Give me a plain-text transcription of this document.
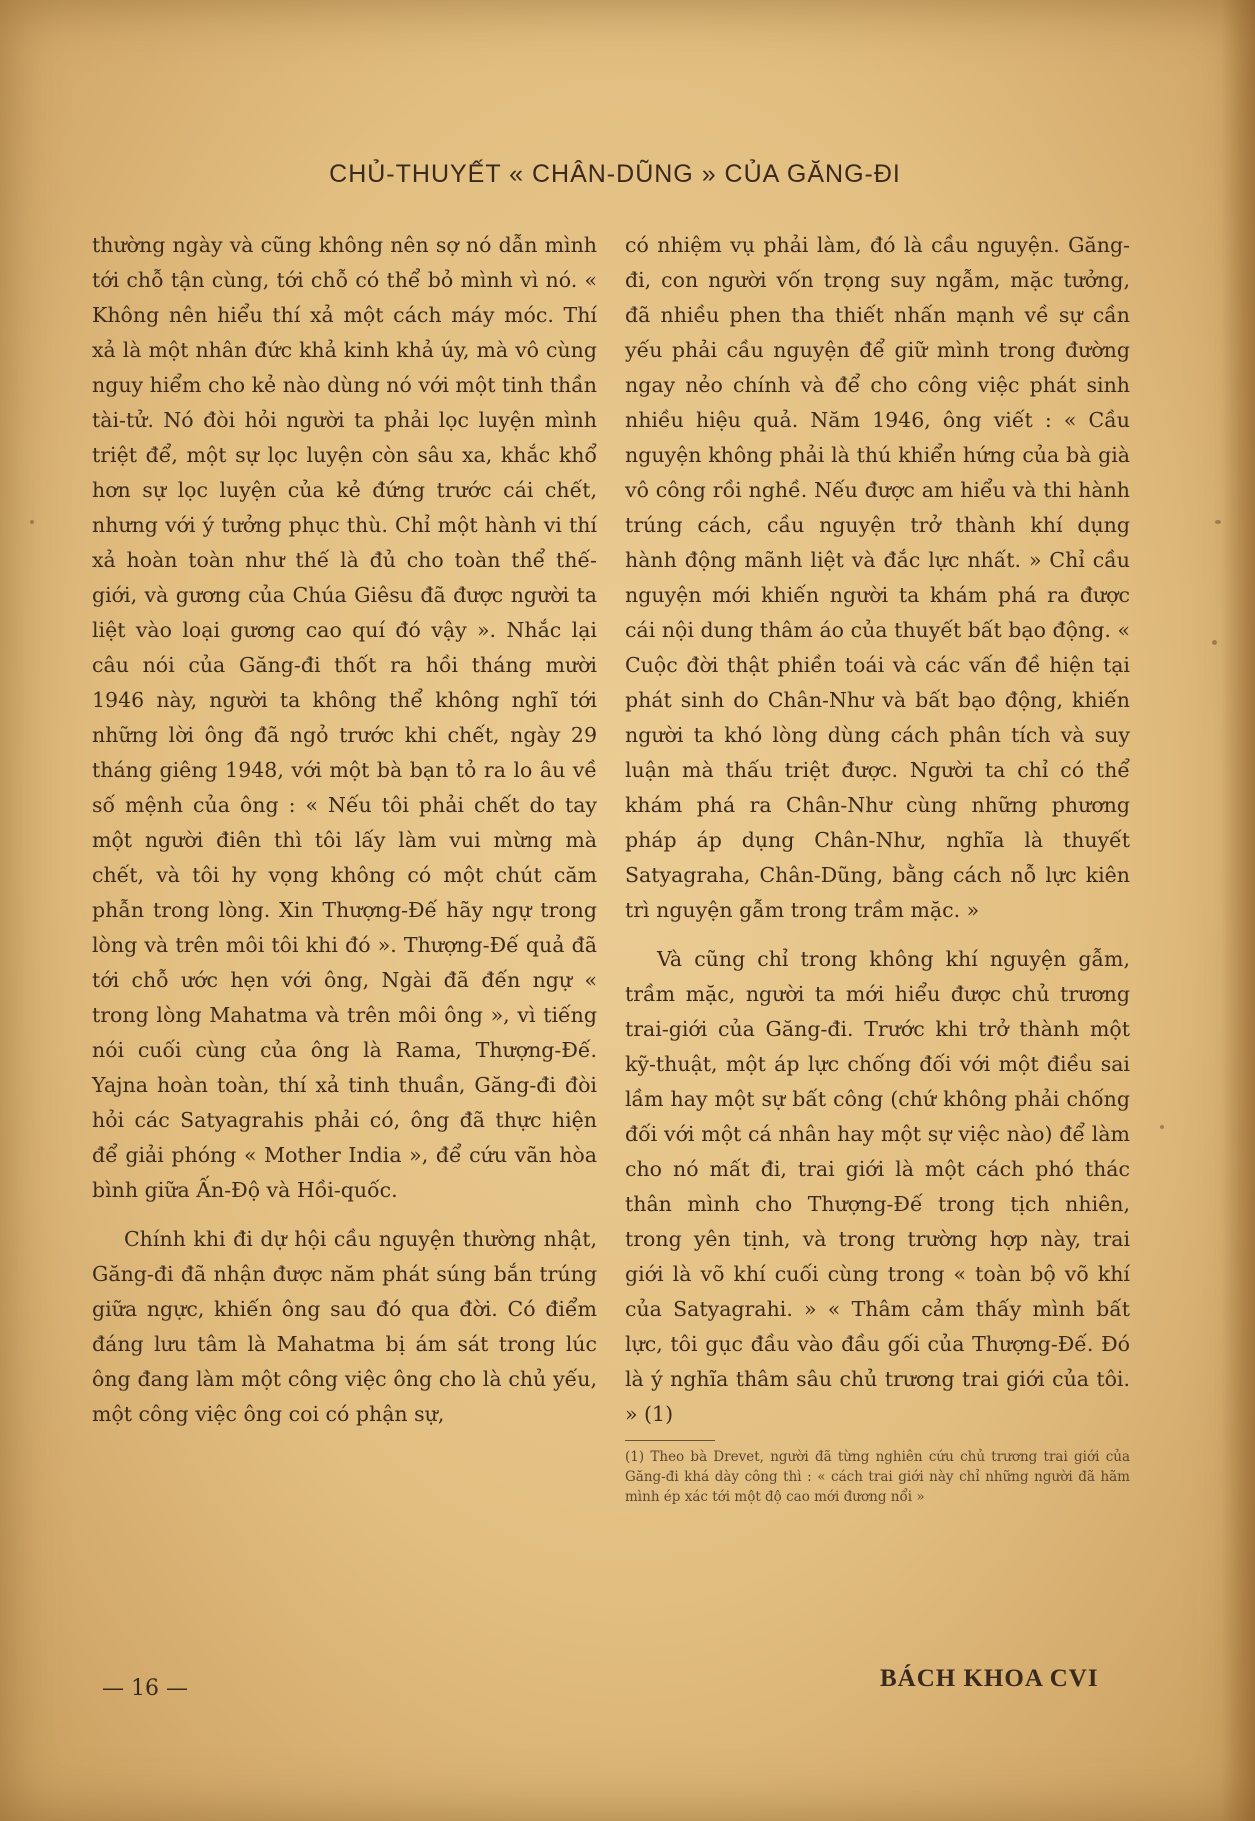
CHỦ-THUYẾT « CHÂN-DŨNG » CỦA GĂNG-ĐI

thường ngày và cũng không nên sợ nó dẫn mình tới chỗ tận cùng, tới chỗ có thể bỏ mình vì nó. « Không nên hiểu thí xả một cách máy móc. Thí xả là một nhân đức khả kinh khả úy, mà vô cùng nguy hiểm cho kẻ nào dùng nó với một tinh thần tài-tử. Nó đòi hỏi người ta phải lọc luyện mình triệt để, một sự lọc luyện còn sâu xa, khắc khổ hơn sự lọc luyện của kẻ đứng trước cái chết, nhưng với ý tưởng phục thù. Chỉ một hành vi thí xả hoàn toàn như thế là đủ cho toàn thể thế-giới, và gương của Chúa Giêsu đã được người ta liệt vào loại gương cao quí đó vậy ». Nhắc lại câu nói của Găng-đi thốt ra hồi tháng mười 1946 này, người ta không thể không nghĩ tới những lời ông đã ngỏ trước khi chết, ngày 29 tháng giêng 1948, với một bà bạn tỏ ra lo âu về số mệnh của ông : « Nếu tôi phải chết do tay một người điên thì tôi lấy làm vui mừng mà chết, và tôi hy vọng không có một chút căm phẫn trong lòng. Xin Thượng-Đế hãy ngự trong lòng và trên môi tôi khi đó ». Thượng-Đế quả đã tới chỗ ước hẹn với ông, Ngài đã đến ngự « trong lòng Mahatma và trên môi ông », vì tiếng nói cuối cùng của ông là Rama, Thượng-Đế. Yajna hoàn toàn, thí xả tinh thuần, Găng-đi đòi hỏi các Satyagrahis phải có, ông đã thực hiện để giải phóng « Mother India », để cứu vãn hòa bình giữa Ấn-Độ và Hồi-quốc.

Chính khi đi dự hội cầu nguyện thường nhật, Găng-đi đã nhận được năm phát súng bắn trúng giữa ngực, khiến ông sau đó qua đời. Có điểm đáng lưu tâm là Mahatma bị ám sát trong lúc ông đang làm một công việc ông cho là chủ yếu, một công việc ông coi có phận sự,

có nhiệm vụ phải làm, đó là cầu nguyện. Găng-đi, con người vốn trọng suy ngẫm, mặc tưởng, đã nhiều phen tha thiết nhấn mạnh về sự cần yếu phải cầu nguyện để giữ mình trong đường ngay nẻo chính và để cho công việc phát sinh nhiều hiệu quả. Năm 1946, ông viết : « Cầu nguyện không phải là thú khiển hứng của bà già vô công rồi nghề. Nếu được am hiểu và thi hành trúng cách, cầu nguyện trở thành khí dụng hành động mãnh liệt và đắc lực nhất. » Chỉ cầu nguyện mới khiến người ta khám phá ra được cái nội dung thâm áo của thuyết bất bạo động. « Cuộc đời thật phiền toái và các vấn đề hiện tại phát sinh do Chân-Như và bất bạo động, khiến người ta khó lòng dùng cách phân tích và suy luận mà thấu triệt được. Người ta chỉ có thể khám phá ra Chân-Như cùng những phương pháp áp dụng Chân-Như, nghĩa là thuyết Satyagraha, Chân-Dũng, bằng cách nỗ lực kiên trì nguyện gẫm trong trầm mặc. »

Và cũng chỉ trong không khí nguyện gẫm, trầm mặc, người ta mới hiểu được chủ trương trai-giới của Găng-đi. Trước khi trở thành một kỹ-thuật, một áp lực chống đối với một điều sai lầm hay một sự bất công (chứ không phải chống đối với một cá nhân hay một sự việc nào) để làm cho nó mất đi, trai giới là một cách phó thác thân mình cho Thượng-Đế trong tịch nhiên, trong yên tịnh, và trong trường hợp này, trai giới là võ khí cuối cùng trong « toàn bộ võ khí của Satyagrahi. » « Thâm cảm thấy mình bất lực, tôi gục đầu vào đầu gối của Thượng-Đế. Đó là ý nghĩa thâm sâu chủ trương trai giới của tôi. » (1)

(1) Theo bà Drevet, người đã từng nghiên cứu chủ trương trai giới của Găng-đi khá dày công thì : « cách trai giới này chỉ những người đã hãm mình ép xác tới một độ cao mới đương nổi »

— 16 —	BÁCH KHOA CVI
